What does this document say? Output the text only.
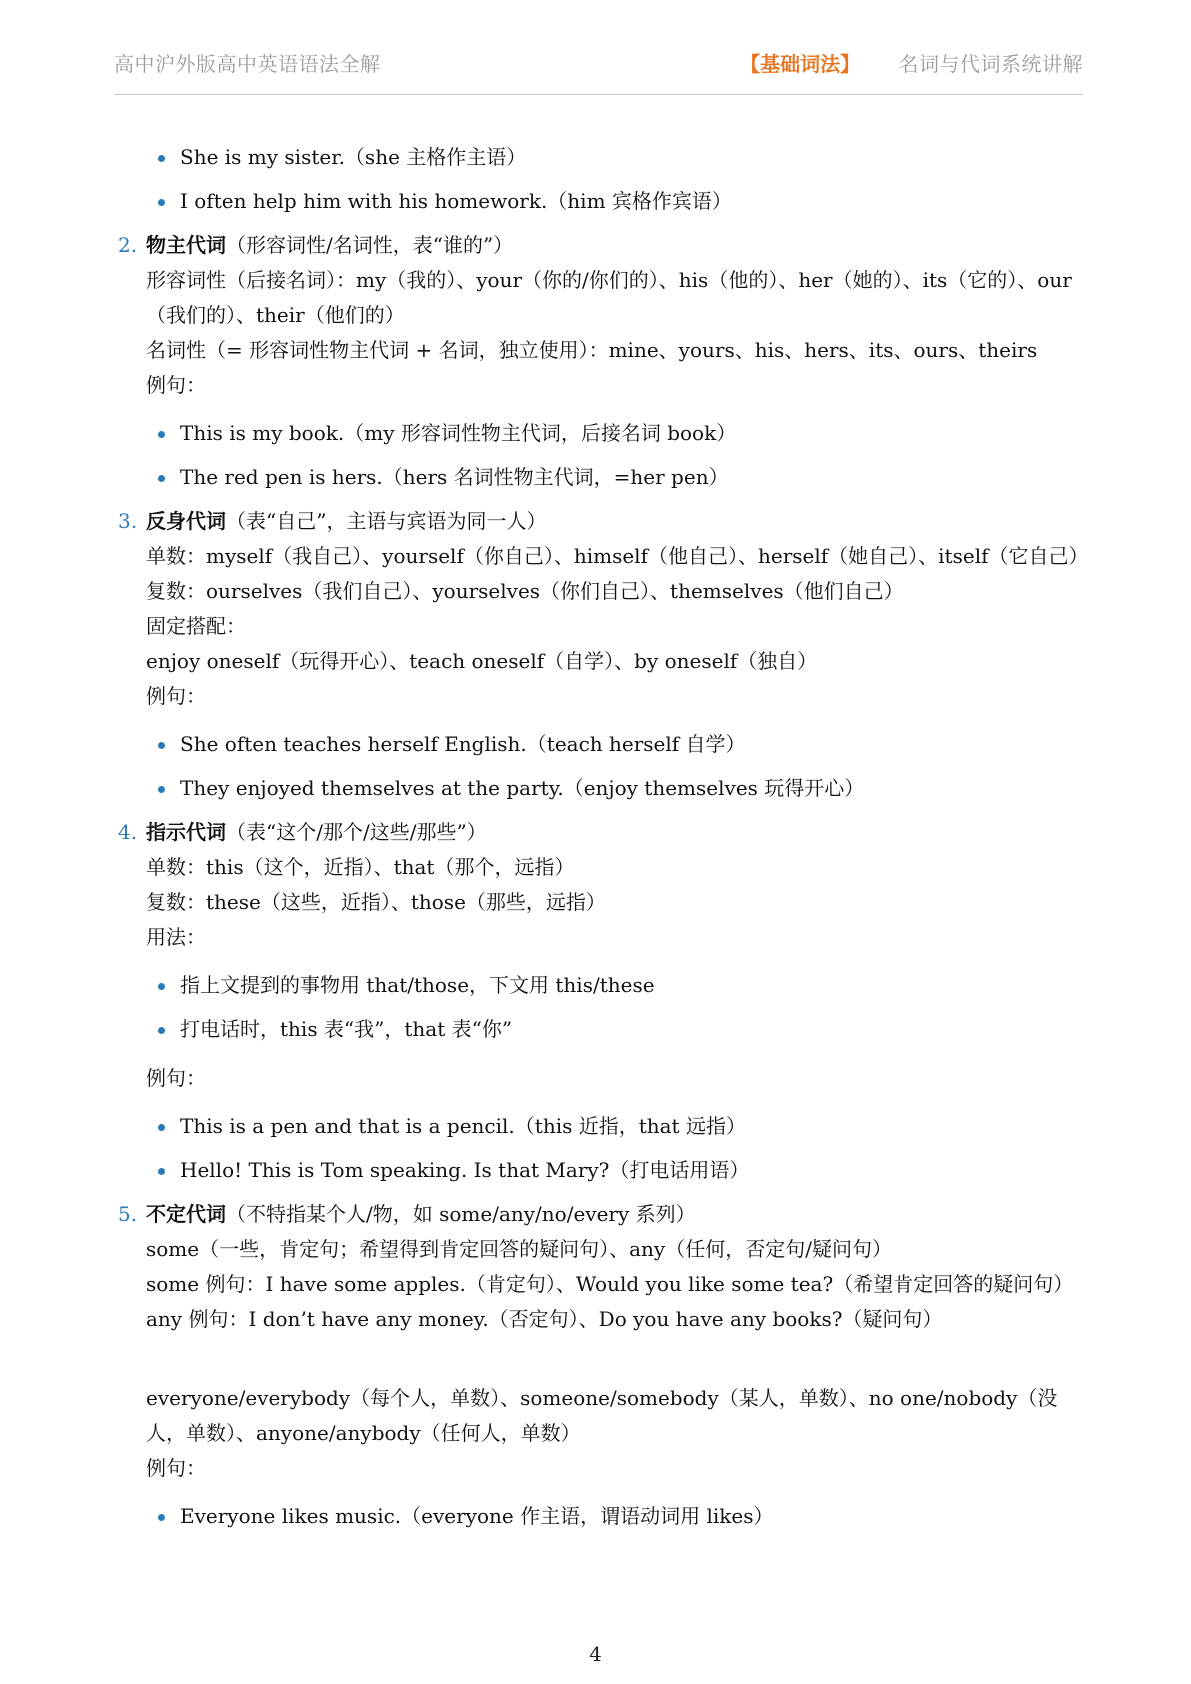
高中沪外版高中英语语法全解	【基础词法】 名词与代词系统讲解
She is my sister.（she 主格作主语）
I often help him with his homework.（him 宾格作宾语）
2. 物主代词（形容词性/名词性，表“谁的”）

形容词性（后接名词）：my（我的）、your（你的/你们的）、his（他的）、her（她的）、its（它的）、our（我们的）、their（他们的）

名词性（= 形容词性物主代词 + 名词，独立使用）：mine、yours、his、hers、its、ours、theirs

例句：

This is my book.（my 形容词性物主代词，后接名词 book）
The red pen is hers.（hers 名词性物主代词，=her pen）
3. 反身代词（表“自己”，主语与宾语为同一人）

单数：myself（我自己）、yourself（你自己）、himself（他自己）、herself（她自己）、itself（它自己）

复数：ourselves（我们自己）、yourselves（你们自己）、themselves（他们自己）

固定搭配：

enjoy oneself（玩得开心）、teach oneself（自学）、by oneself（独自）

例句：

She often teaches herself English.（teach herself 自学）
They enjoyed themselves at the party.（enjoy themselves 玩得开心）
4. 指示代词（表“这个/那个/这些/那些”）

单数：this（这个，近指）、that（那个，远指）

复数：these（这些，近指）、those（那些，远指）

用法：

指上文提到的事物用 that/those，下文用 this/these
打电话时，this 表“我”，that 表“你”

例句：

This is a pen and that is a pencil.（this 近指，that 远指）
Hello! This is Tom speaking. Is that Mary?（打电话用语）
5. 不定代词（不特指某个人/物，如 some/any/no/every 系列）

some（一些，肯定句；希望得到肯定回答的疑问句）、any（任何，否定句/疑问句）

some 例句：I have some apples.（肯定句）、Would you like some tea?（希望肯定回答的疑问句）

any 例句：I don’t have any money.（否定句）、Do you have any books?（疑问句）

everyone/everybody（每个人，单数）、someone/somebody（某人，单数）、no one/nobody（没人，单数）、anyone/anybody（任何人，单数）

例句：

Everyone likes music.（everyone 作主语，谓语动词用 likes）
4
